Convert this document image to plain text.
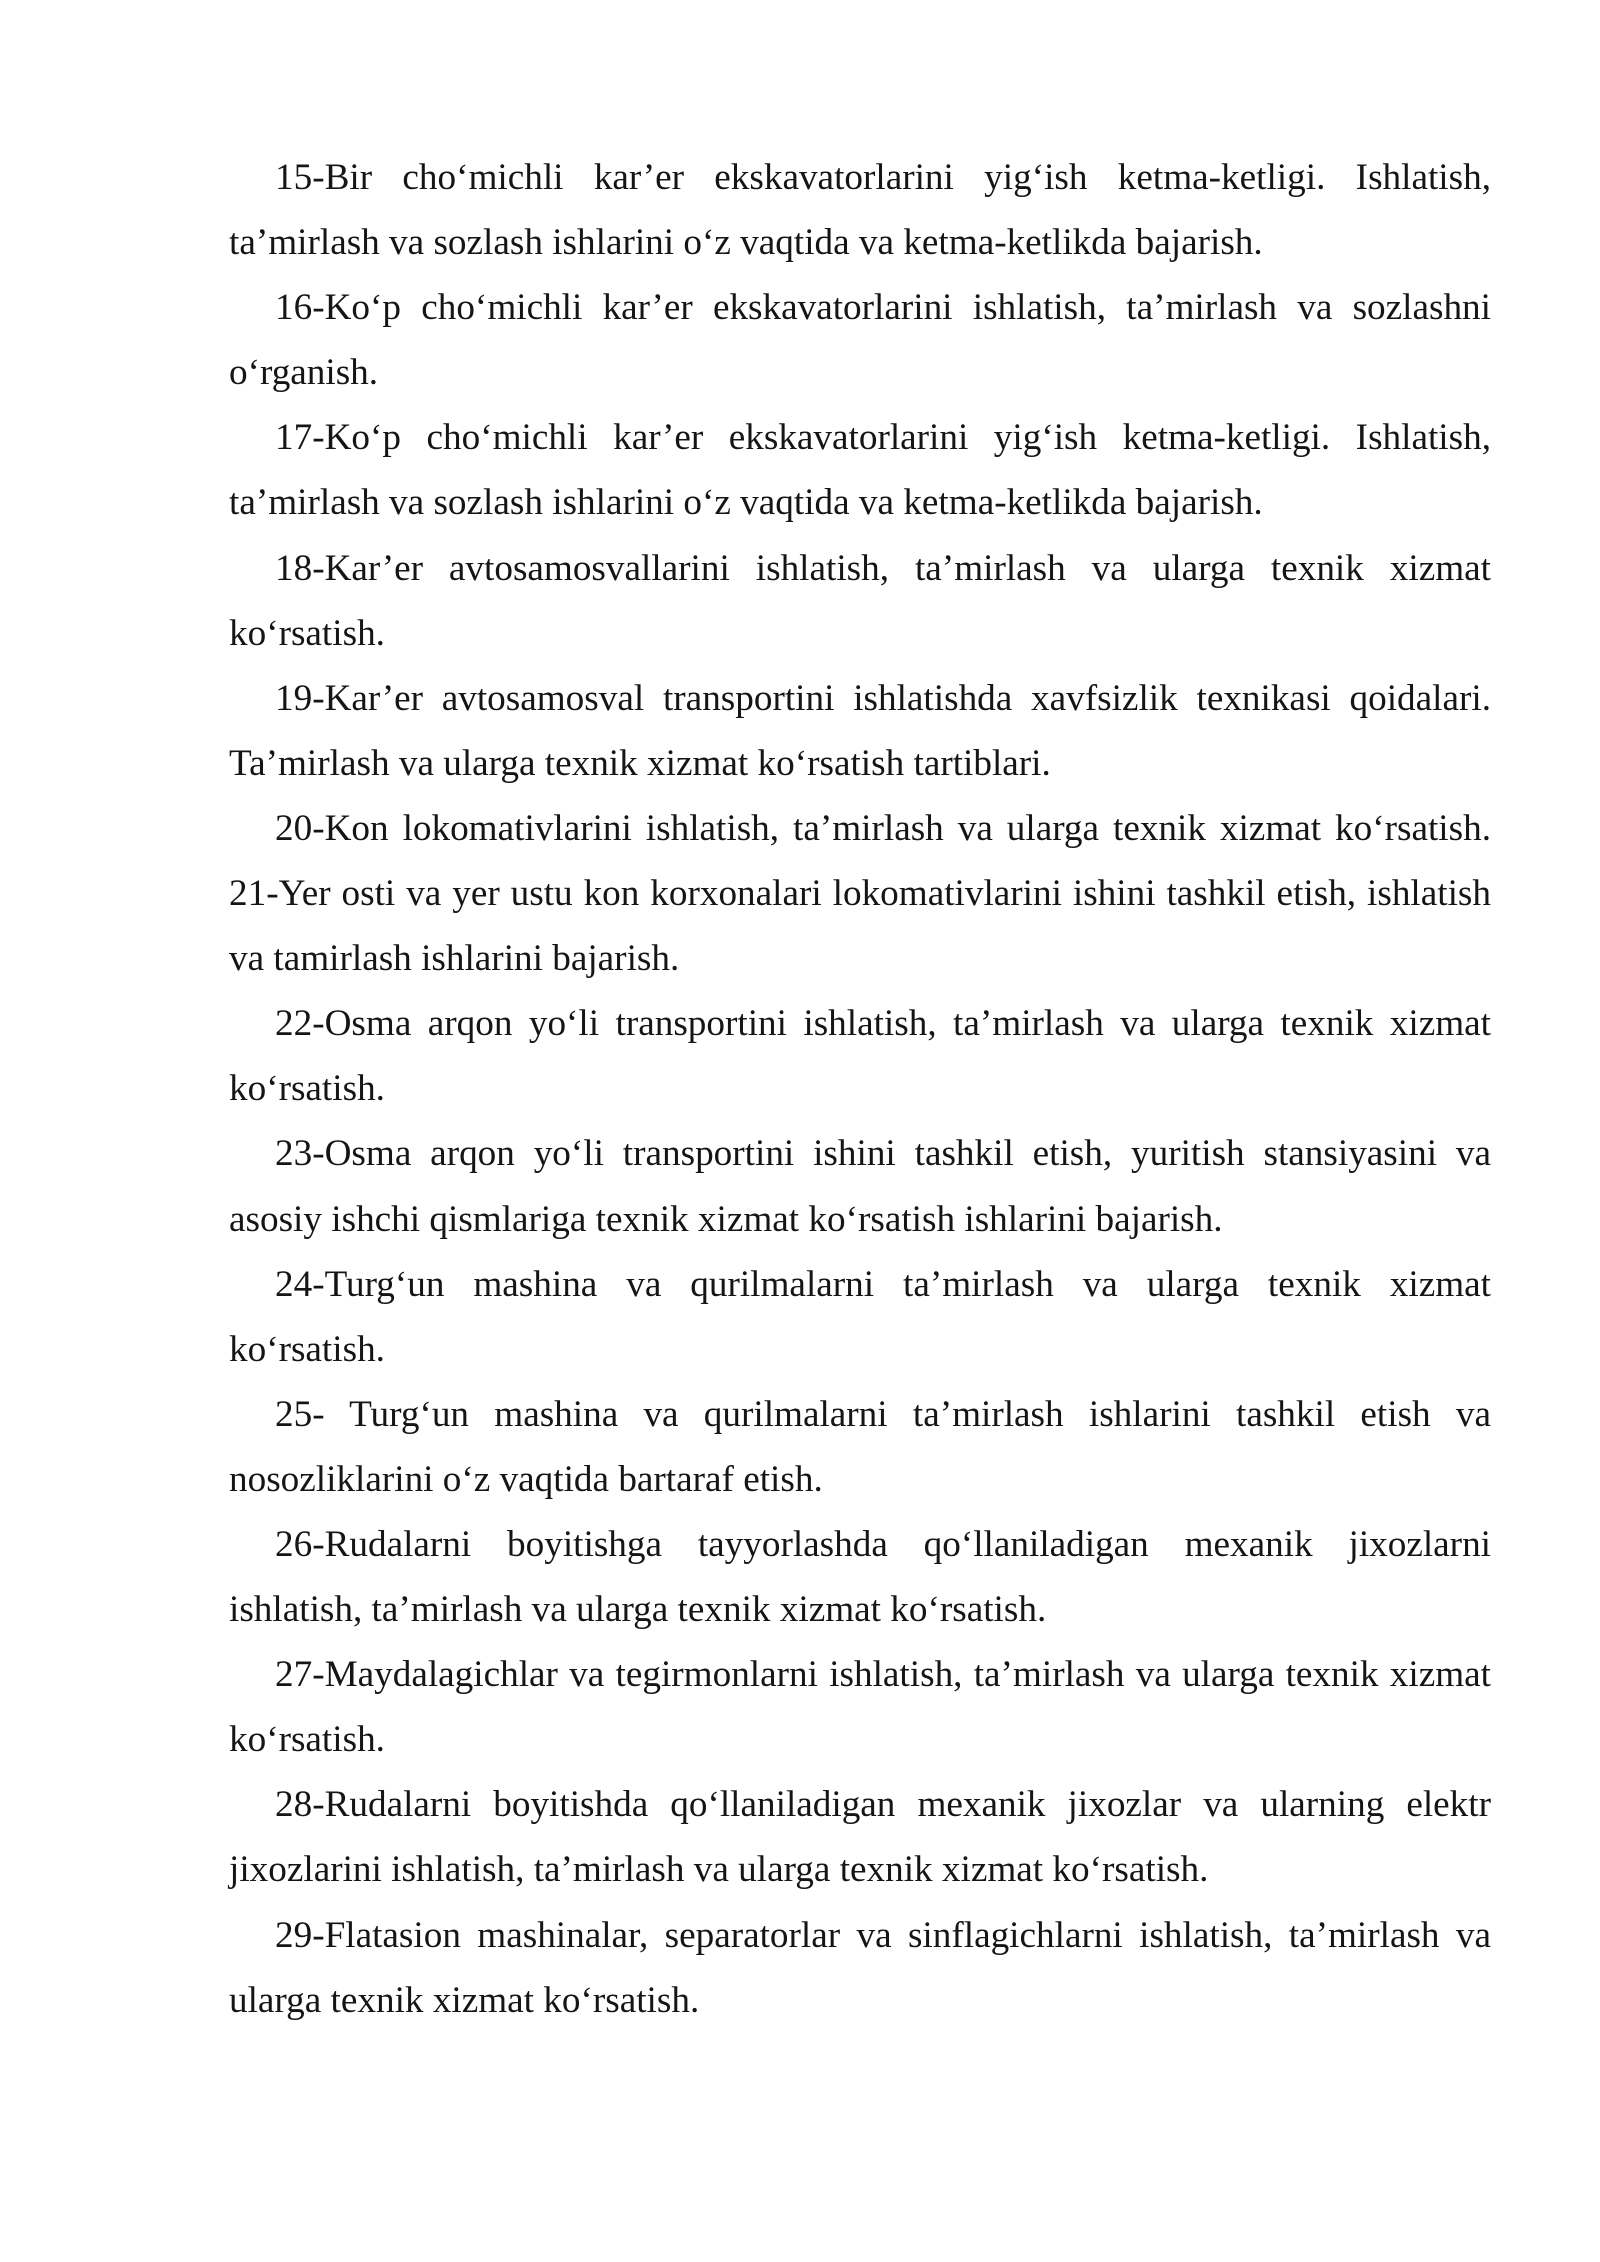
15-Bir cho‘michli kar’er ekskavatorlarini yig‘ish ketma-ketligi. Ishlatish,
ta’mirlash va sozlash ishlarini o‘z vaqtida va ketma-ketlikda bajarish.
16-Ko‘p cho‘michli kar’er ekskavatorlarini ishlatish, ta’mirlash va sozlashni
o‘rganish.
17-Ko‘p cho‘michli kar’er ekskavatorlarini yig‘ish ketma-ketligi. Ishlatish,
ta’mirlash va sozlash ishlarini o‘z vaqtida va ketma-ketlikda bajarish.
18-Kar’er avtosamosvallarini ishlatish, ta’mirlash va ularga texnik xizmat
ko‘rsatish.
19-Kar’er avtosamosval transportini ishlatishda xavfsizlik texnikasi qoidalari.
Ta’mirlash va ularga texnik xizmat ko‘rsatish tartiblari.
20-Kon lokomativlarini ishlatish, ta’mirlash va ularga texnik xizmat ko‘rsatish.
21-Yer osti va yer ustu kon korxonalari lokomativlarini ishini tashkil etish, ishlatish
va tamirlash ishlarini bajarish.
22-Osma arqon yo‘li transportini ishlatish, ta’mirlash va ularga texnik xizmat
ko‘rsatish.
23-Osma arqon yo‘li transportini ishini tashkil etish, yuritish stansiyasini va
asosiy ishchi qismlariga texnik xizmat ko‘rsatish ishlarini bajarish.
24-Turg‘un mashina va qurilmalarni ta’mirlash va ularga texnik xizmat
ko‘rsatish.
25- Turg‘un mashina va qurilmalarni ta’mirlash ishlarini tashkil etish va
nosozliklarini o‘z vaqtida bartaraf etish.
26-Rudalarni boyitishga tayyorlashda qo‘llaniladigan mexanik jixozlarni
ishlatish, ta’mirlash va ularga texnik xizmat ko‘rsatish.
27-Maydalagichlar va tegirmonlarni ishlatish, ta’mirlash va ularga texnik xizmat
ko‘rsatish.
28-Rudalarni boyitishda qo‘llaniladigan mexanik jixozlar va ularning elektr
jixozlarini ishlatish, ta’mirlash va ularga texnik xizmat ko‘rsatish.
29-Flatasion mashinalar, separatorlar va sinflagichlarni ishlatish, ta’mirlash va
ularga texnik xizmat ko‘rsatish.
